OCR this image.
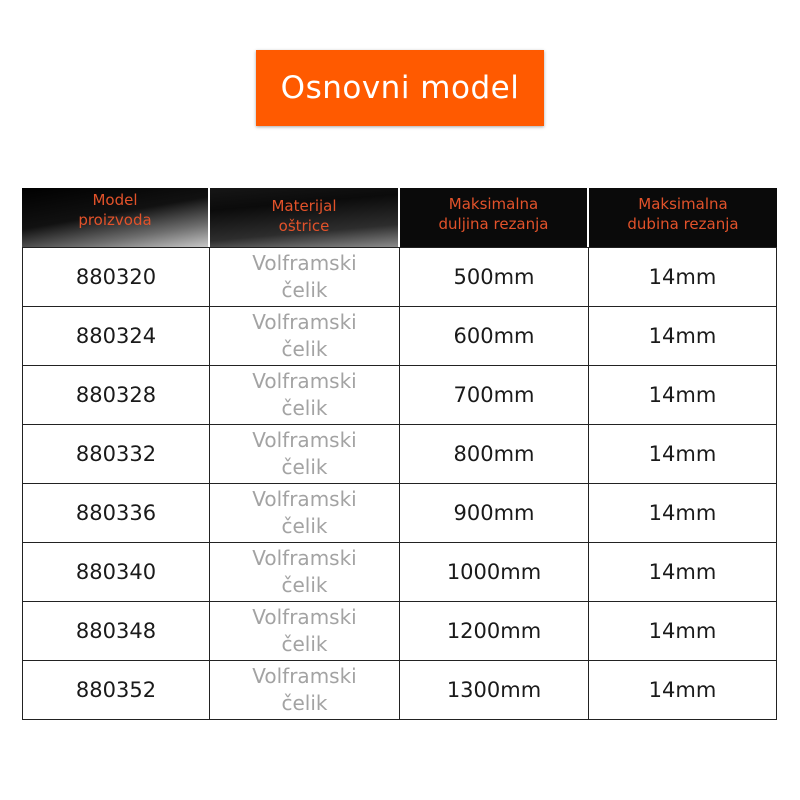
Osnovni model
Model proizvoda	Materijal oštrice	Maksimalna duljina rezanja	Maksimalna dubina rezanja
880320	Volframski čelik	500mm	14mm
880324	Volframski čelik	600mm	14mm
880328	Volframski čelik	700mm	14mm
880332	Volframski čelik	800mm	14mm
880336	Volframski čelik	900mm	14mm
880340	Volframski čelik	1000mm	14mm
880348	Volframski čelik	1200mm	14mm
880352	Volframski čelik	1300mm	14mm
